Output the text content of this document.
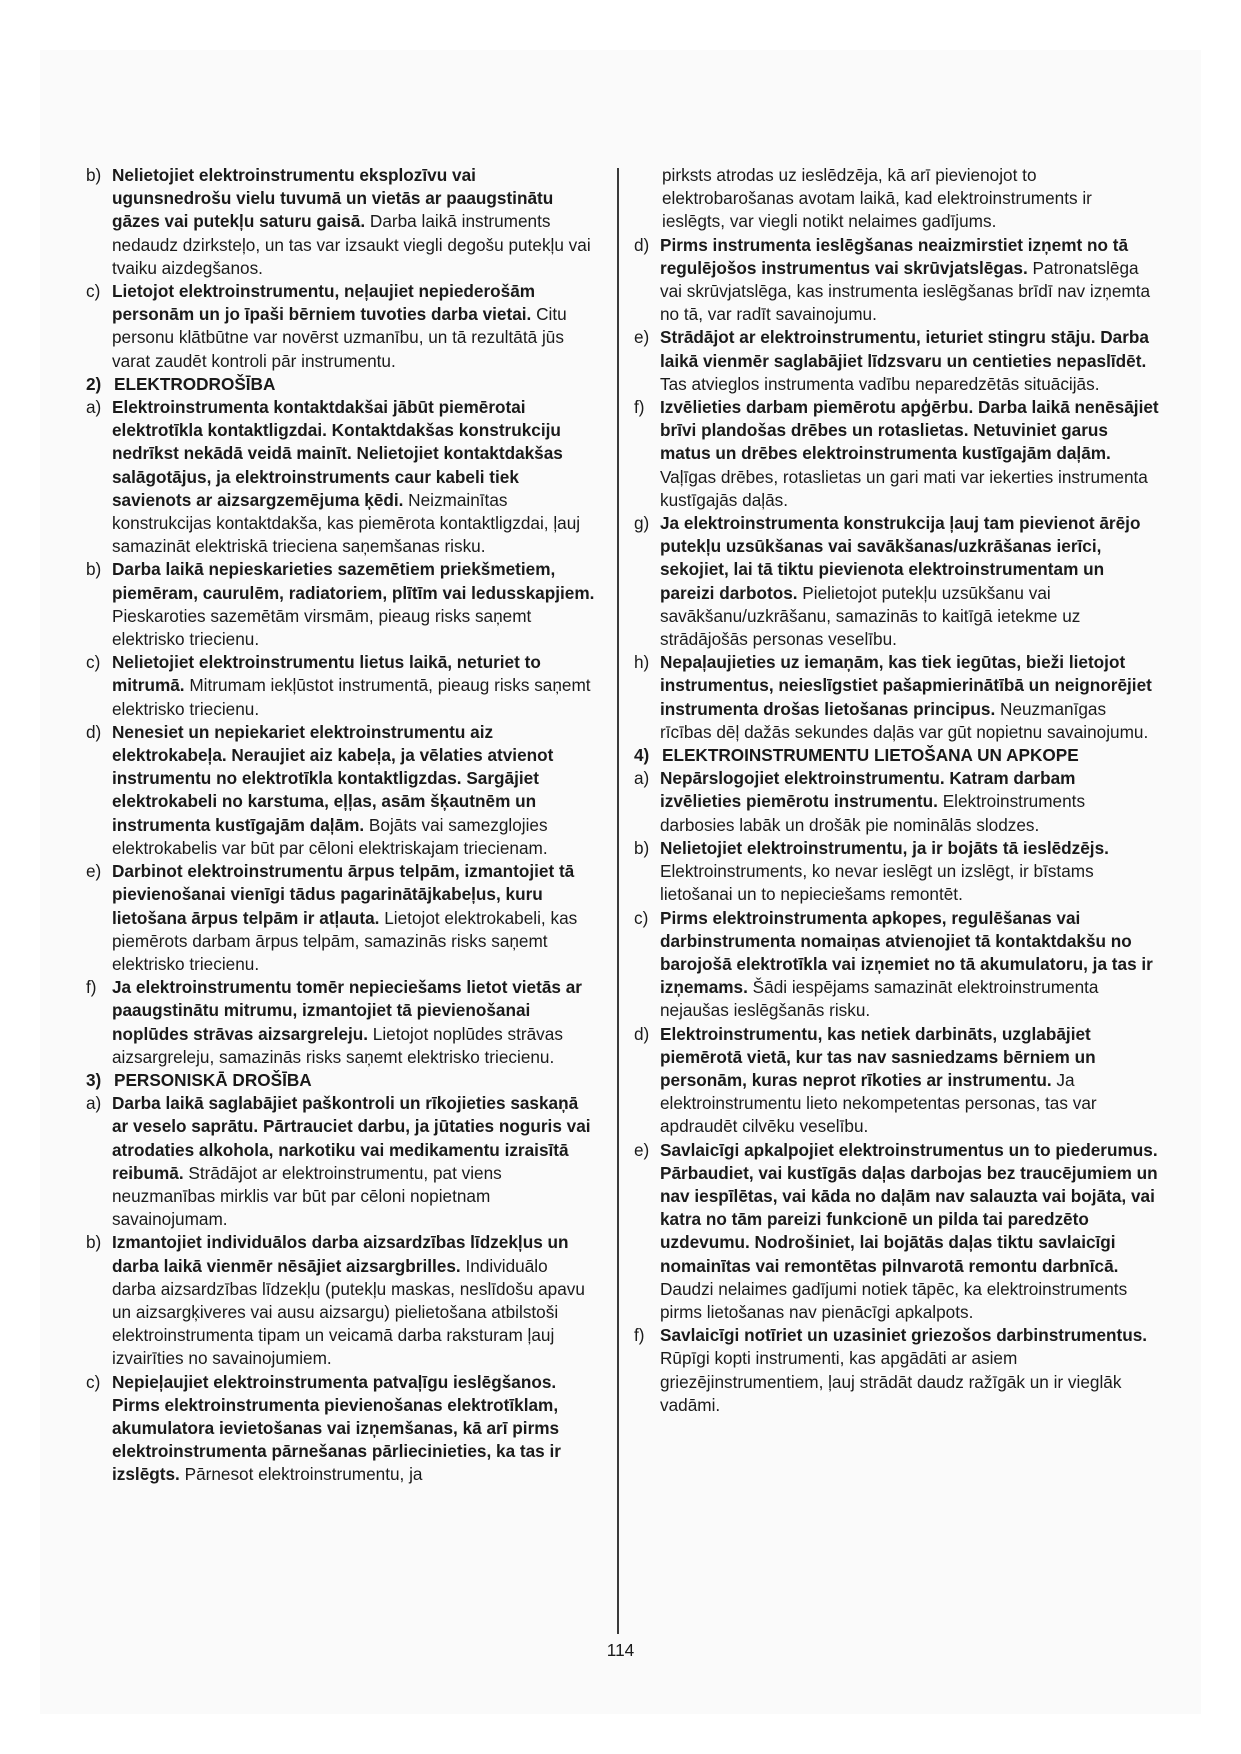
b) Nelietojiet elektroinstrumentu eksplozīvu vai ugunsnedrošu vielu tuvumā un vietās ar paaugstinātu gāzes vai putekļu saturu gaisā. Darba laikā instruments nedaudz dzirksteļo, un tas var izsaukt viegli degošu putekļu vai tvaiku aizdegšanos.
c) Lietojot elektroinstrumentu, neļaujiet nepiederošām personām un jo īpaši bērniem tuvoties darba vietai. Citu personu klātbūtne var novērst uzmanību, un tā rezultātā jūs varat zaudēt kontroli pār instrumentu.
2) ELEKTRODROŠĪBA
a) Elektroinstrumenta kontaktdakšai jābūt piemērotai elektrotīkla kontaktligzdai. Kontaktdakšas konstrukciju nedrīkst nekādā veidā mainīt. Nelietojiet kontaktdakšas salāgotājus, ja elektroinstruments caur kabeli tiek savienots ar aizsargzemējuma ķēdi. Neizmainītas konstrukcijas kontaktdakša, kas piemērota kontaktligzdai, ļauj samazināt elektriskā trieciena saņemšanas risku.
b) Darba laikā nepieskarieties sazemētiem priekšmetiem, piemēram, caurulēm, radiatoriem, plītīm vai ledusskapjiem. Pieskaroties sazemētām virsmām, pieaug risks saņemt elektrisko triecienu.
c) Nelietojiet elektroinstrumentu lietus laikā, neturiet to mitrumā. Mitrumam iekļūstot instrumentā, pieaug risks saņemt elektrisko triecienu.
d) Nenesiet un nepiekariet elektroinstrumentu aiz elektrokabeļa. Neraujiet aiz kabeļa, ja vēlaties atvienot instrumentu no elektrotīkla kontaktligzdas. Sargājiet elektrokabeli no karstuma, eļļas, asām šķautnēm un instrumenta kustīgajām daļām. Bojāts vai samezglojies elektrokabelis var būt par cēloni elektriskajam triecienam.
e) Darbinot elektroinstrumentu ārpus telpām, izmantojiet tā pievienošanai vienīgi tādus pagarinātājkabeļus, kuru lietošana ārpus telpām ir atļauta. Lietojot elektrokabeli, kas piemērots darbam ārpus telpām, samazinās risks saņemt elektrisko triecienu.
f) Ja elektroinstrumentu tomēr nepieciešams lietot vietās ar paaugstinātu mitrumu, izmantojiet tā pievienošanai noplūdes strāvas aizsargreleju. Lietojot noplūdes strāvas aizsargreleju, samazinās risks saņemt elektrisko triecienu.
3) PERSONISKĀ DROŠĪBA
a) Darba laikā saglabājiet paškontroli un rīkojieties saskaņā ar veselo saprātu. Pārtrauciet darbu, ja jūtaties noguris vai atrodaties alkohola, narkotiku vai medikamentu izraisītā reibumā. Strādājot ar elektroinstrumentu, pat viens neuzmanības mirklis var būt par cēloni nopietnam savainojumam.
b) Izmantojiet individuālos darba aizsardzības līdzekļus un darba laikā vienmēr nēsājiet aizsargbrilles. Individuālo darba aizsardzības līdzekļu (putekļu maskas, neslīdošu apavu un aizsargķiveres vai ausu aizsargu) pielietošana atbilstoši elektroinstrumenta tipam un veicamā darba raksturam ļauj izvairīties no savainojumiem.
c) Nepieļaujiet elektroinstrumenta patvaļīgu ieslēgšanos. Pirms elektroinstrumenta pievienošanas elektrotīklam, akumulatora ievietošanas vai izņemšanas, kā arī pirms elektroinstrumenta pārnešanas pārliecinieties, ka tas ir izslēgts. Pārnesot elektroinstrumentu, ja
pirksts atrodas uz ieslēdzēja, kā arī pievienojot to elektrobarošanas avotam laikā, kad elektroinstruments ir ieslēgts, var viegli notikt nelaimes gadījums.
d) Pirms instrumenta ieslēgšanas neaizmirstiet izņemt no tā regulējošos instrumentus vai skrūvjatslēgas. Patronatslēga vai skrūvjatslēga, kas instrumenta ieslēgšanas brīdī nav izņemta no tā, var radīt savainojumu.
e) Strādājot ar elektroinstrumentu, ieturiet stingru stāju. Darba laikā vienmēr saglabājiet līdzsvaru un centieties nepaslīdēt. Tas atvieglos instrumenta vadību neparedzētās situācijās.
f) Izvēlieties darbam piemērotu apģērbu. Darba laikā nenēsājiet brīvi plandošas drēbes un rotaslietas. Netuviniet garus matus un drēbes elektroinstrumenta kustīgajām daļām. Vaļīgas drēbes, rotaslietas un gari mati var iekerties instrumenta kustīgajās daļās.
g) Ja elektroinstrumenta konstrukcija ļauj tam pievienot ārējo putekļu uzsūkšanas vai savākšanas/uzkrāšanas ierīci, sekojiet, lai tā tiktu pievienota elektroinstrumentam un pareizi darbotos. Pielietojot putekļu uzsūkšanu vai savākšanu/uzkrāšanu, samazinās to kaitīgā ietekme uz strādājošās personas veselību.
h) Nepaļaujieties uz iemaņām, kas tiek iegūtas, bieži lietojot instrumentus, neieslīgstiet pašapmierinātībā un neignorējiet instrumenta drošas lietošanas principus. Neuzmanīgas rīcības dēļ dažās sekundes daļās var gūt nopietnu savainojumu.
4) ELEKTROINSTRUMENTU LIETOŠANA UN APKOPE
a) Nepārslogojiet elektroinstrumentu. Katram darbam izvēlieties piemērotu instrumentu. Elektroinstruments darbosies labāk un drošāk pie nominālās slodzes.
b) Nelietojiet elektroinstrumentu, ja ir bojāts tā ieslēdzējs. Elektroinstruments, ko nevar ieslēgt un izslēgt, ir bīstams lietošanai un to nepieciešams remontēt.
c) Pirms elektroinstrumenta apkopes, regulēšanas vai darbinstrumenta nomaiņas atvienojiet tā kontaktdakšu no barojošā elektrotīkla vai izņemiet no tā akumulatoru, ja tas ir izņemams. Šādi iespējams samazināt elektroinstrumenta nejaušas ieslēgšanās risku.
d) Elektroinstrumentu, kas netiek darbināts, uzglabājiet piemērotā vietā, kur tas nav sasniedzams bērniem un personām, kuras neprot rīkoties ar instrumentu. Ja elektroinstrumentu lieto nekompetentas personas, tas var apdraudēt cilvēku veselību.
e) Savlaicīgi apkalpojiet elektroinstrumentus un to piederumus. Pārbaudiet, vai kustīgās daļas darbojas bez traucējumiem un nav iespīlētas, vai kāda no daļām nav salauzta vai bojāta, vai katra no tām pareizi funkcionē un pilda tai paredzēto uzdevumu. Nodrošiniet, lai bojātās daļas tiktu savlaicīgi nomainītas vai remontētas pilnvarotā remontu darbnīcā. Daudzi nelaimes gadījumi notiek tāpēc, ka elektroinstruments pirms lietošanas nav pienācīgi apkalpots.
f) Savlaicīgi notīriet un uzasiniet griezošos darbinstrumentus. Rūpīgi kopti instrumenti, kas apgādāti ar asiem griezējinstrumentiem, ļauj strādāt daudz ražīgāk un ir vieglāk vadāmi.
114
